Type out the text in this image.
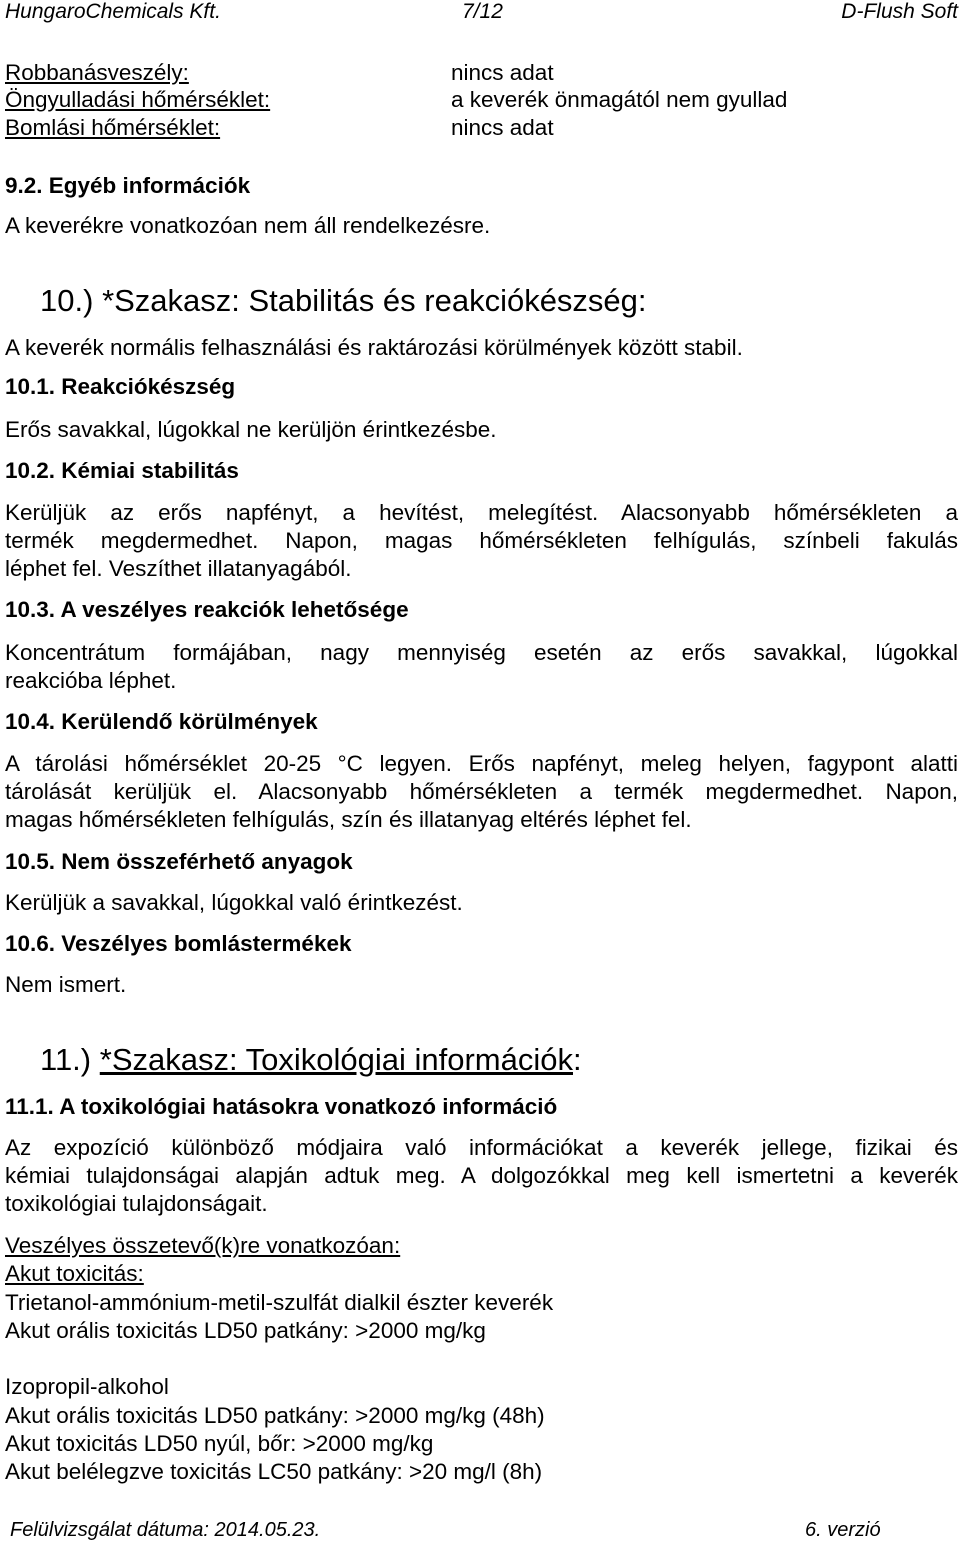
HungaroChemicals Kft.	7/12	D-Flush Soft
Robbanásveszély:	nincs adat
Öngyulladási hőmérséklet:	a keverék önmagától nem gyullad
Bomlási hőmérséklet:	nincs adat
9.2. Egyéb információk
A keverékre vonatkozóan nem áll rendelkezésre.
10.) *Szakasz: Stabilitás és reakciókészség:
A keverék normális felhasználási és raktározási körülmények között stabil.
10.1. Reakciókészség
Erős savakkal, lúgokkal ne kerüljön érintkezésbe.
10.2. Kémiai stabilitás
Kerüljük az erős napfényt, a hevítést, melegítést. Alacsonyabb hőmérsékleten a
termék megdermedhet. Napon, magas hőmérsékleten felhígulás, színbeli fakulás
léphet fel. Veszíthet illatanyagából.
10.3. A veszélyes reakciók lehetősége
Koncentrátum formájában, nagy mennyiség esetén az erős savakkal, lúgokkal
reakcióba léphet.
10.4. Kerülendő körülmények
A tárolási hőmérséklet 20-25 °C legyen. Erős napfényt, meleg helyen, fagypont alatti
tárolását kerüljük el. Alacsonyabb hőmérsékleten a termék megdermedhet. Napon,
magas hőmérsékleten felhígulás, szín és illatanyag eltérés léphet fel.
10.5. Nem összeférhető anyagok
Kerüljük a savakkal, lúgokkal való érintkezést.
10.6. Veszélyes bomlástermékek
Nem ismert.
11.) *Szakasz: Toxikológiai információk:
11.1. A toxikológiai hatásokra vonatkozó információ
Az expozíció különböző módjaira való információkat a keverék jellege, fizikai és
kémiai tulajdonságai alapján adtuk meg. A dolgozókkal meg kell ismertetni a keverék
toxikológiai tulajdonságait.
Veszélyes összetevő(k)re vonatkozóan:
Akut toxicitás:
Trietanol-ammónium-metil-szulfát dialkil észter keverék
Akut orális toxicitás LD50 patkány: >2000 mg/kg
Izopropil-alkohol
Akut orális toxicitás LD50 patkány: >2000 mg/kg (48h)
Akut toxicitás LD50 nyúl, bőr: >2000 mg/kg
Akut belélegzve toxicitás LC50 patkány: >20 mg/l (8h)
Felülvizsgálat dátuma: 2014.05.23.	6. verzió
